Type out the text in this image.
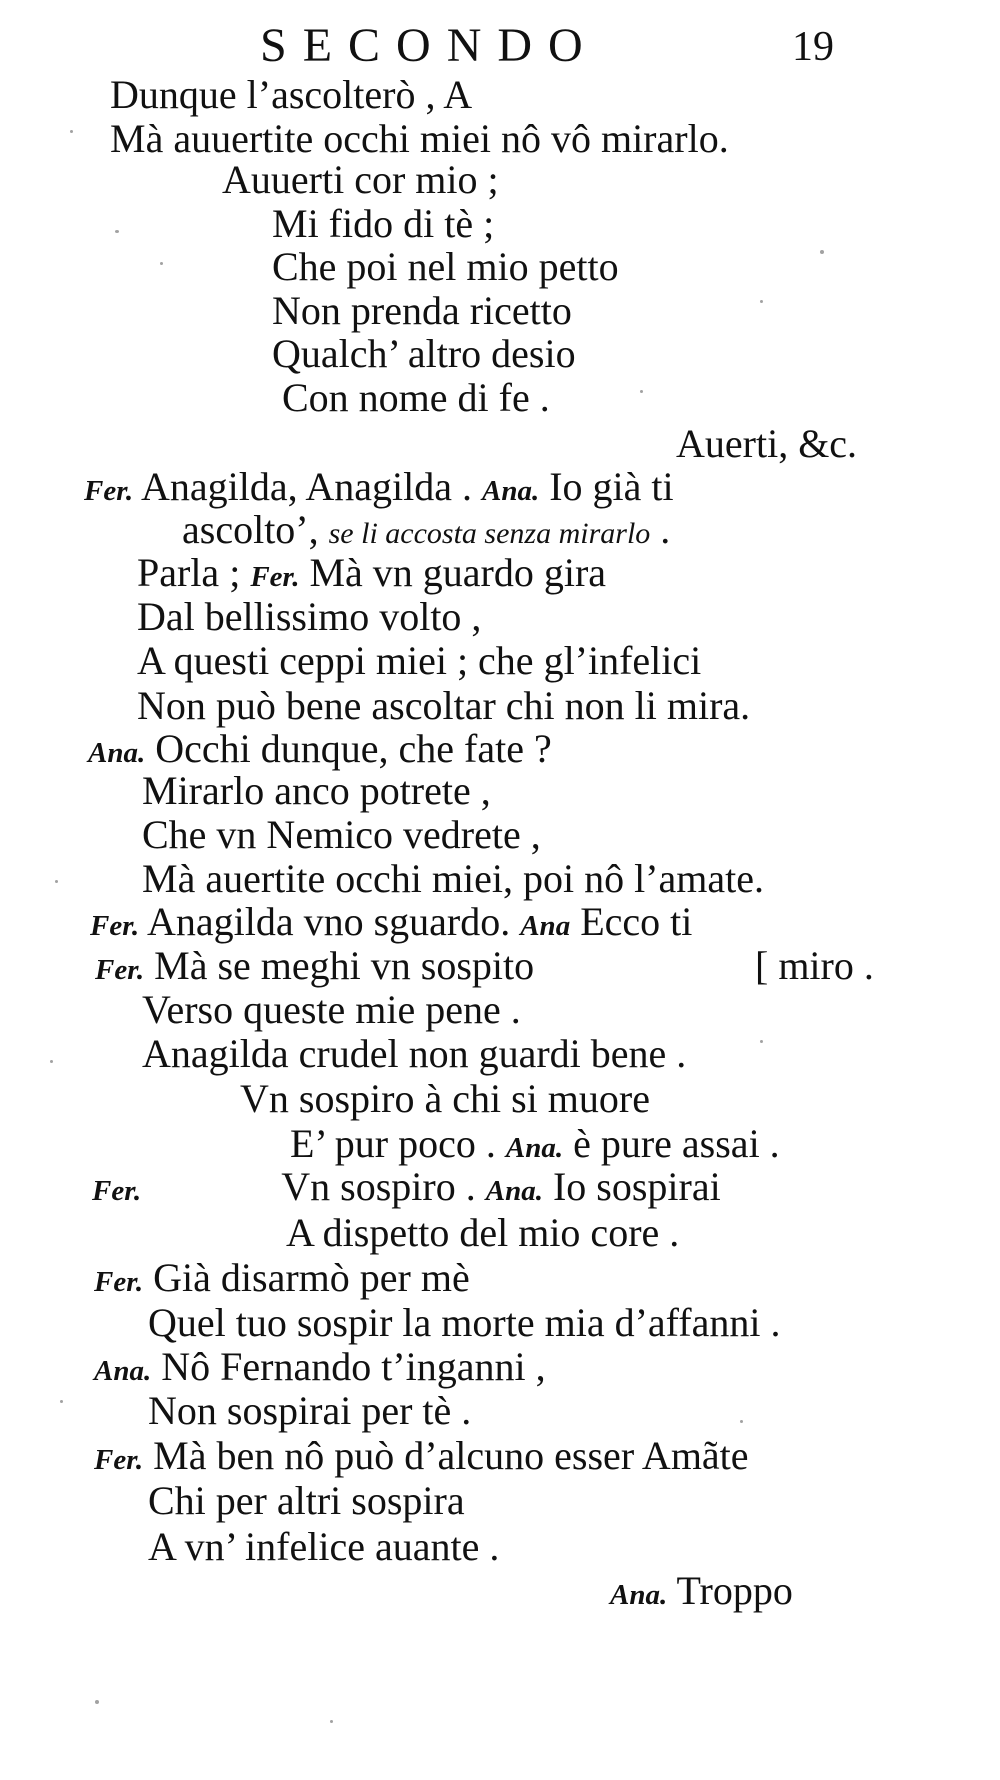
SECONDO	19
Dunque l’ascolterò , A
Mà auuertite occhi miei nô vô mirarlo.
Auuerti cor mio ;
Mi fido di tè ;
Che poi nel mio petto
Non prenda ricetto
Qualch’ altro desio
Con nome di fe .
Auerti, &c.
Fer. Anagilda, Anagilda . Ana. Io già ti
ascolto’, se li accosta senza mirarlo .
Parla ; Fer. Mà vn guardo gira
Dal bellissimo volto ,
A questi ceppi miei ; che gl’infelici
Non può bene ascoltar chi non li mira.
Ana. Occhi dunque, che fate ?
Mirarlo anco potrete ,
Che vn Nemico vedrete ,
Mà auertite occhi miei, poi nô l’amate.
Fer. Anagilda vno sguardo. Ana Ecco ti
Fer. Mà se meghi vn sospito	[ miro .
Verso queste mie pene .
Anagilda crudel non guardi bene .
Vn sospiro à chi si muore
E’ pur poco . Ana. è pure assai .
Fer.	Vn sospiro . Ana. Io sospirai
A dispetto del mio core .
Fer. Già disarmò per mè
Quel tuo sospir la morte mia d’affanni .
Ana. Nô Fernando t’inganni ,
Non sospirai per tè .
Fer. Mà ben nô può d’alcuno esser Amãte
Chi per altri sospira
A vn’ infelice auante .
Ana. Troppo
